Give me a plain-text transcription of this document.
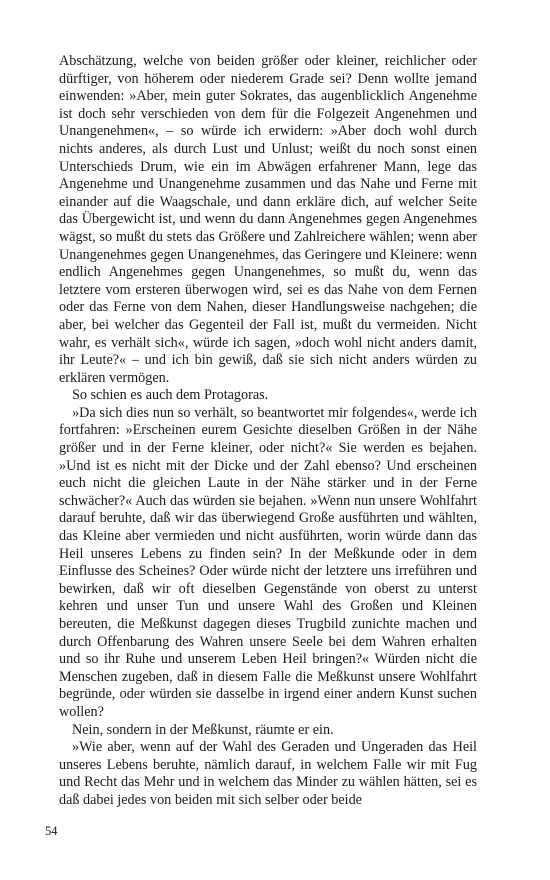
Abschätzung, welche von beiden größer oder kleiner, reichlicher oder dürftiger, von höherem oder niederem Grade sei? Denn wollte jemand einwenden: »Aber, mein guter Sokrates, das augenblicklich Angenehme ist doch sehr verschieden von dem für die Folgezeit Angenehmen und Unangenehmen«, – so würde ich erwidern: »Aber doch wohl durch nichts anderes, als durch Lust und Unlust; weißt du noch sonst einen Unterschieds Drum, wie ein im Abwägen erfahrener Mann, lege das Angenehme und Unangenehme zusammen und das Nahe und Ferne mit einander auf die Waagschale, und dann erkläre dich, auf welcher Seite das Übergewicht ist, und wenn du dann Angenehmes gegen Angenehmes wägst, so mußt du stets das Größere und Zahlreichere wählen; wenn aber Unangenehmes gegen Unangenehmes, das Geringere und Kleinere: wenn endlich Angenehmes gegen Unangenehmes, so mußt du, wenn das letztere vom ersteren überwogen wird, sei es das Nahe von dem Fernen oder das Ferne von dem Nahen, dieser Handlungsweise nachgehen; die aber, bei welcher das Gegenteil der Fall ist, mußt du vermeiden. Nicht wahr, es verhält sich«, würde ich sagen, »doch wohl nicht anders damit, ihr Leute?« – und ich bin gewiß, daß sie sich nicht anders würden zu erklären vermögen.

So schien es auch dem Protagoras.

»Da sich dies nun so verhält, so beantwortet mir folgendes«, werde ich fortfahren: »Erscheinen eurem Gesichte dieselben Größen in der Nähe größer und in der Ferne kleiner, oder nicht?« Sie werden es bejahen. »Und ist es nicht mit der Dicke und der Zahl ebenso? Und erscheinen euch nicht die gleichen Laute in der Nähe stärker und in der Ferne schwächer?« Auch das würden sie bejahen. »Wenn nun unsere Wohlfahrt darauf beruhte, daß wir das überwiegend Große ausführten und wählten, das Kleine aber vermieden und nicht ausführten, worin würde dann das Heil unseres Lebens zu finden sein? In der Meßkunde oder in dem Einflusse des Scheines? Oder würde nicht der letztere uns irreführen und bewirken, daß wir oft dieselben Gegenstände von oberst zu unterst kehren und unser Tun und unsere Wahl des Großen und Kleinen bereuten, die Meßkunst dagegen dieses Trugbild zunichte machen und durch Offenbarung des Wahren unsere Seele bei dem Wahren erhalten und so ihr Ruhe und unserem Leben Heil bringen?« Würden nicht die Menschen zugeben, daß in diesem Falle die Meßkunst unsere Wohlfahrt begründe, oder würden sie dasselbe in irgend einer andern Kunst suchen wollen?

Nein, sondern in der Meßkunst, räumte er ein.

»Wie aber, wenn auf der Wahl des Geraden und Ungeraden das Heil unseres Lebens beruhte, nämlich darauf, in welchem Falle wir mit Fug und Recht das Mehr und in welchem das Minder zu wählen hätten, sei es daß dabei jedes von beiden mit sich selber oder beide

54
